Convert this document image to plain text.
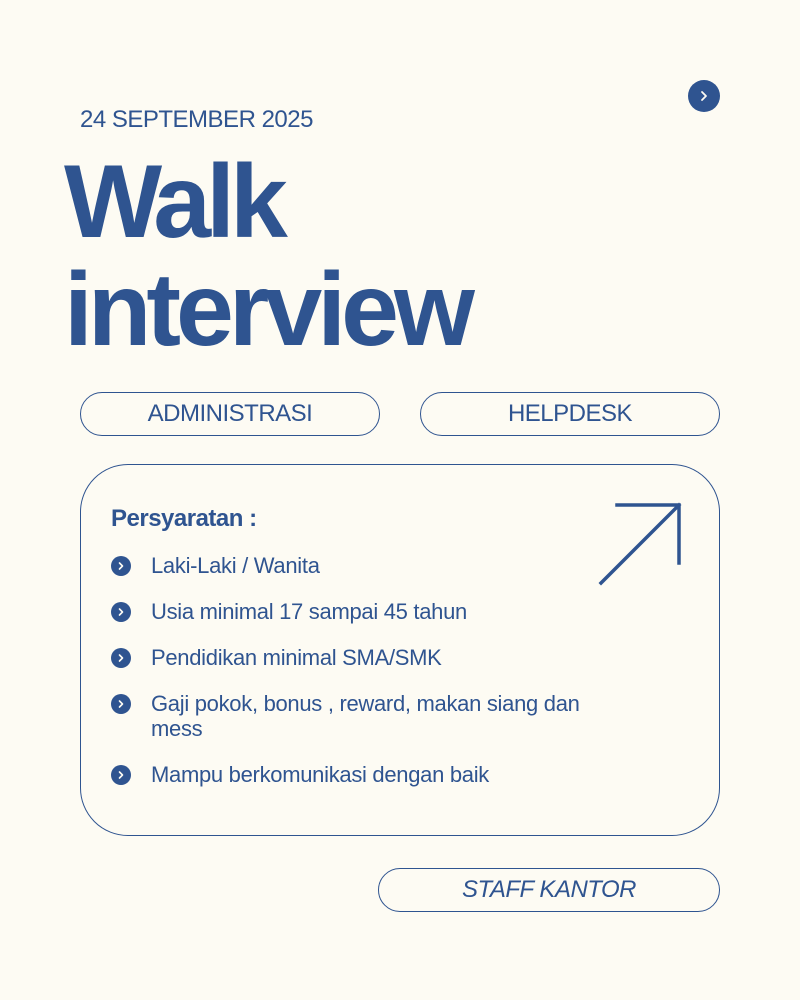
24 SEPTEMBER 2025
Walk
interview
ADMINISTRASI	HELPDESK
Persyaratan :
Laki-Laki / Wanita
Usia minimal 17 sampai 45 tahun
Pendidikan minimal SMA/SMK
Gaji pokok, bonus , reward, makan siang dan mess
Mampu berkomunikasi dengan baik
STAFF KANTOR
